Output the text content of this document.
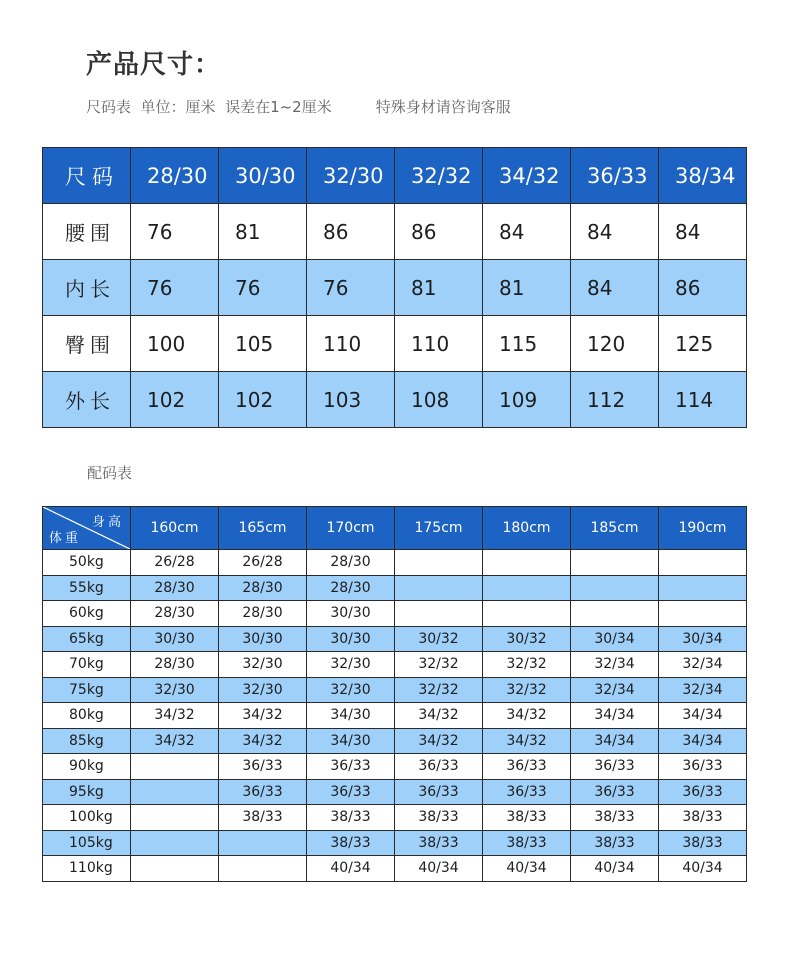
产品尺寸：
尺码表  单位：厘米  误差在1~2厘米	特殊身材请咨询客服
尺码	28/30	30/30	32/30	32/32	34/32	36/33	38/34
腰围	76	81	86	86	84	84	84
内长	76	76	76	81	81	84	86
臀围	100	105	110	110	115	120	125
外长	102	102	103	108	109	112	114
配码表
身高
体重	160cm	165cm	170cm	175cm	180cm	185cm	190cm
50kg	26/28	26/28	28/30				
55kg	28/30	28/30	28/30				
60kg	28/30	28/30	30/30				
65kg	30/30	30/30	30/30	30/32	30/32	30/34	30/34
70kg	28/30	32/30	32/30	32/32	32/32	32/34	32/34
75kg	32/30	32/30	32/30	32/32	32/32	32/34	32/34
80kg	34/32	34/32	34/30	34/32	34/32	34/34	34/34
85kg	34/32	34/32	34/30	34/32	34/32	34/34	34/34
90kg		36/33	36/33	36/33	36/33	36/33	36/33
95kg		36/33	36/33	36/33	36/33	36/33	36/33
100kg		38/33	38/33	38/33	38/33	38/33	38/33
105kg			38/33	38/33	38/33	38/33	38/33
110kg			40/34	40/34	40/34	40/34	40/34
